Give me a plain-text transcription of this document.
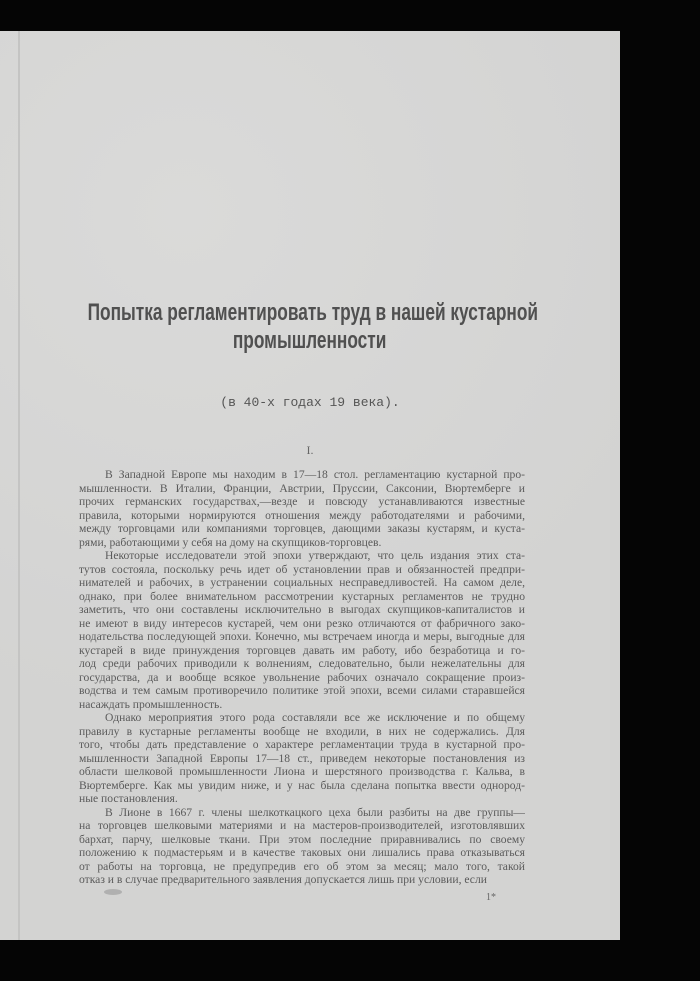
Попытка регламентировать труд в нашей кустарной
промышленности
(в 40-х годах 19 века).
I.
В Западной Европе мы находим в 17—18 стол. регламентацию кустарной про-
мышленности. В Италии, Франции, Австрии, Пруссии, Саксонии, Вюртемберге и
прочих германских государствах,—везде и повсюду устанавливаются известные
правила, которыми нормируются отношения между работодателями и рабочими,
между торговцами или компаниями торговцев, дающими заказы кустарям, и куста-
рями, работающими у себя на дому на скупщиков-торговцев.
Некоторые исследователи этой эпохи утверждают, что цель издания этих ста-
тутов состояла, поскольку речь идет об установлении прав и обязанностей предпри-
нимателей и рабочих, в устранении социальных несправедливостей. На самом деле,
однако, при более внимательном рассмотрении кустарных регламентов не трудно
заметить, что они составлены исключительно в выгодах скупщиков-капиталистов и
не имеют в виду интересов кустарей, чем они резко отличаются от фабричного зако-
нодательства последующей эпохи. Конечно, мы встречаем иногда и меры, выгодные для
кустарей в виде принуждения торговцев давать им работу, ибо безработица и го-
лод среди рабочих приводили к волнениям, следовательно, были нежелательны для
государства, да и вообще всякое увольнение рабочих означало сокращение произ-
водства и тем самым противоречило политике этой эпохи, всеми силами старавшейся
насаждать промышленность.
Однако мероприятия этого рода составляли все же исключение и по общему
правилу в кустарные регламенты вообще не входили, в них не содержались. Для
того, чтобы дать представление о характере регламентации труда в кустарной про-
мышленности Западной Европы 17—18 ст., приведем некоторые постановления из
области шелковой промышленности Лиона и шерстяного производства г. Кальва, в
Вюртемберге. Как мы увидим ниже, и у нас была сделана попытка ввести однород-
ные постановления.
В Лионе в 1667 г. члены шелкоткацкого цеха были разбиты на две группы—
на торговцев шелковыми материями и на мастеров-производителей, изготовлявших
бархат, парчу, шелковые ткани. При этом последние приравнивались по своему
положению к подмастерьям и в качестве таковых они лишались права отказываться
от работы на торговца, не предупредив его об этом за месяц; мало того, такой
отказ и в случае предварительного заявления допускается лишь при условии, если
1*
